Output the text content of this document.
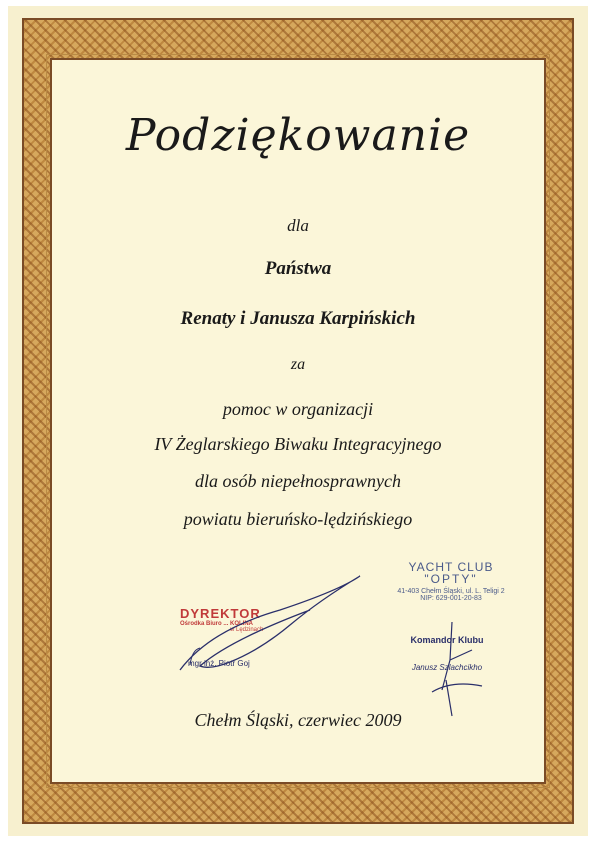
Podziękowanie
dla
Państwa
Renaty i Janusza Karpińskich
za
pomoc w organizacji
IV Żeglarskiego Biwaku Integracyjnego
dla osób niepełnosprawnych
powiatu bieruńsko-lędzińskiego
YACHT CLUB
"OPTY"
41-403 Chełm Śląski, ul. L. Teligi 2
NIP: 629-001-20-83
Komandor Klubu
Janusz Szlachcikho
DYREKTOR
Ośrodka Biuro ... KOLINA
w Lędzinach
mgr inż. Piotr Goj
Chełm Śląski, czerwiec 2009
